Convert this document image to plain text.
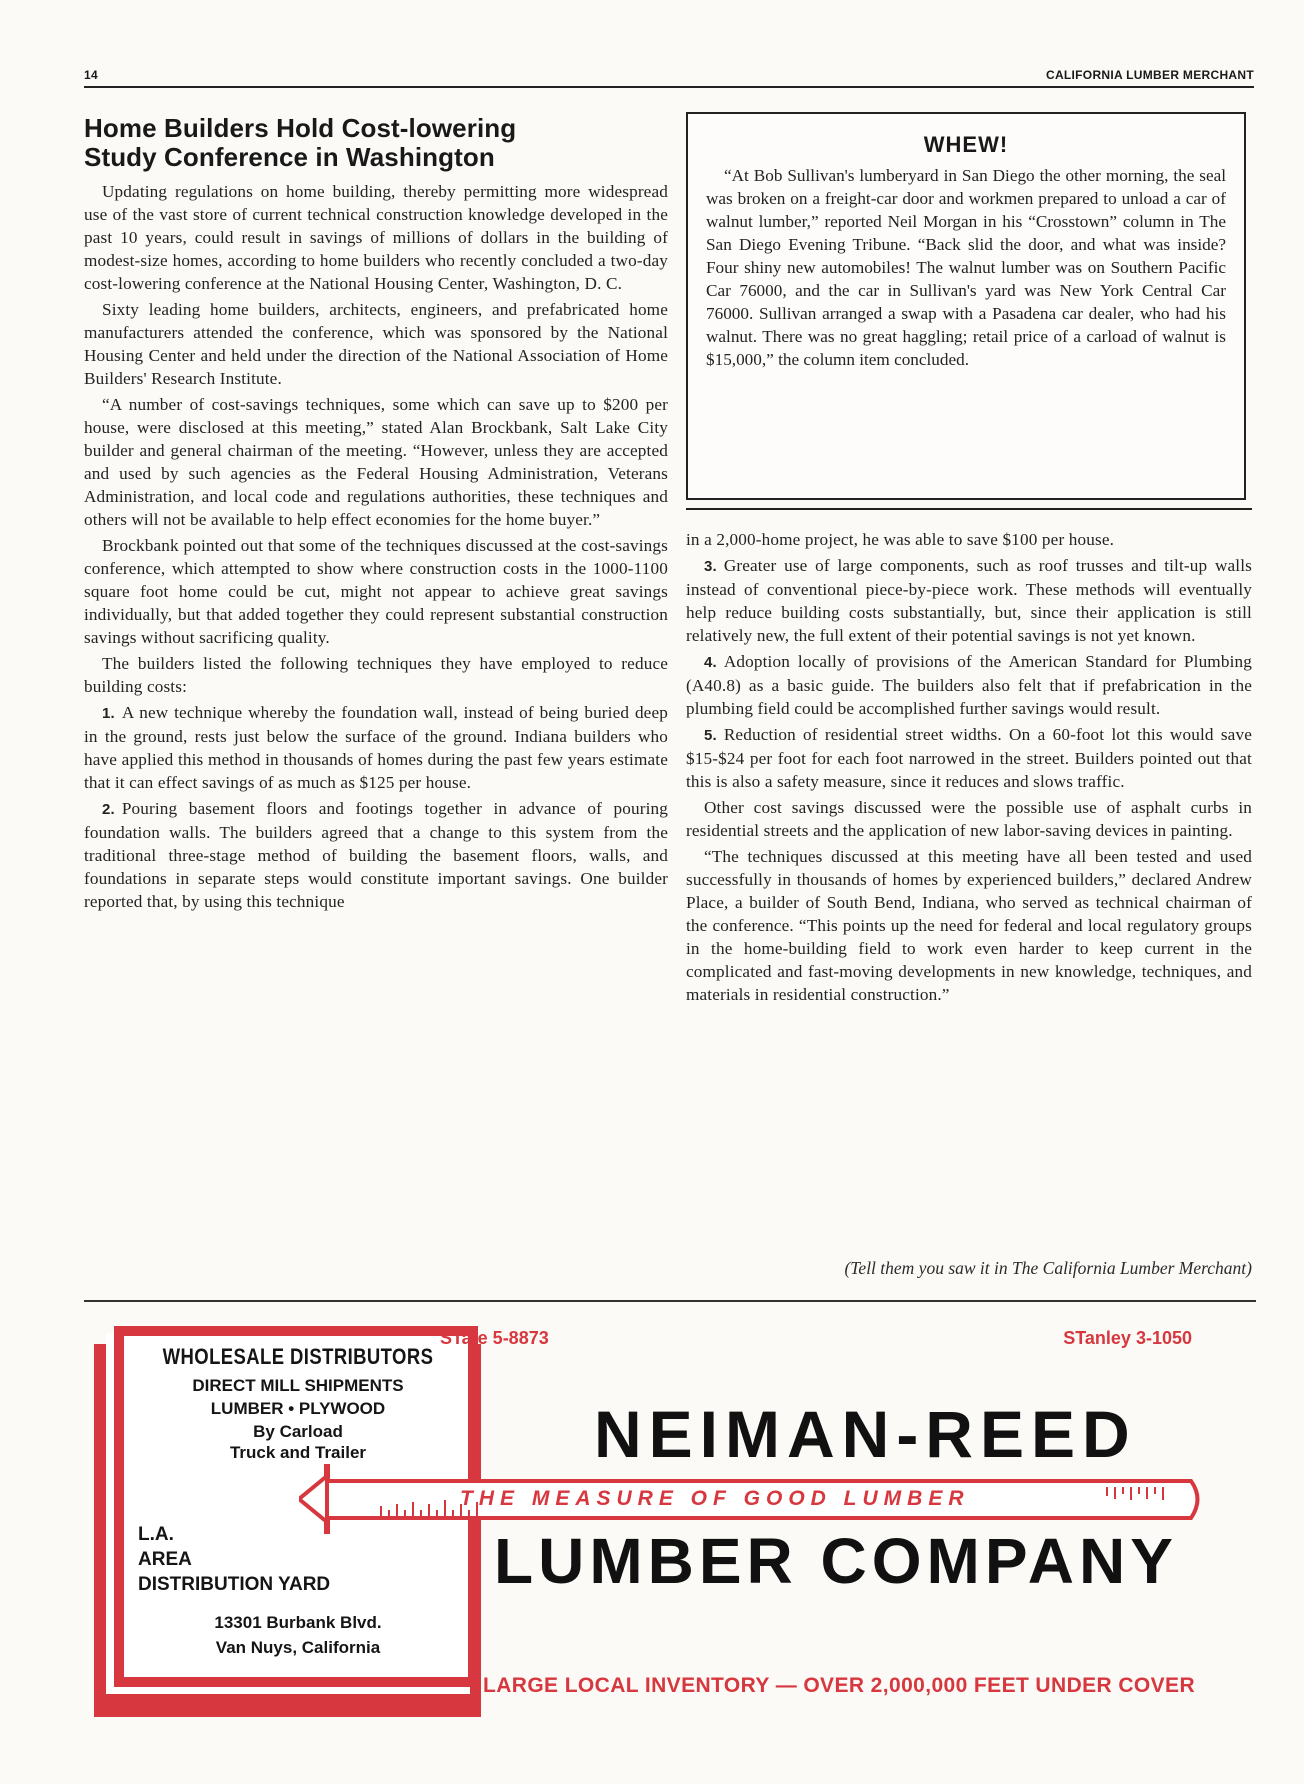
14	CALIFORNIA LUMBER MERCHANT
Home Builders Hold Cost-lowering
Study Conference in Washington

Updating regulations on home building, thereby permitting more widespread use of the vast store of current technical construction knowledge developed in the past 10 years, could result in savings of millions of dollars in the building of modest-size homes, according to home builders who recently concluded a two-day cost-lowering conference at the National Housing Center, Washington, D. C.

Sixty leading home builders, architects, engineers, and prefabricated home manufacturers attended the conference, which was sponsored by the National Housing Center and held under the direction of the National Association of Home Builders' Research Institute.

“A number of cost-savings techniques, some which can save up to $200 per house, were disclosed at this meeting,” stated Alan Brockbank, Salt Lake City builder and general chairman of the meeting. “However, unless they are accepted and used by such agencies as the Federal Housing Administration, Veterans Administration, and local code and regulations authorities, these techniques and others will not be available to help effect economies for the home buyer.”

Brockbank pointed out that some of the techniques discussed at the cost-savings conference, which attempted to show where construction costs in the 1000-1100 square foot home could be cut, might not appear to achieve great savings individually, but that added together they could represent substantial construction savings without sacrificing quality.

The builders listed the following techniques they have employed to reduce building costs:

1. A new technique whereby the foundation wall, instead of being buried deep in the ground, rests just below the surface of the ground. Indiana builders who have applied this method in thousands of homes during the past few years estimate that it can effect savings of as much as $125 per house.

2. Pouring basement floors and footings together in advance of pouring foundation walls. The builders agreed that a change to this system from the traditional three-stage method of building the basement floors, walls, and foundations in separate steps would constitute important savings. One builder reported that, by using this technique

WHEW!

“At Bob Sullivan's lumberyard in San Diego the other morning, the seal was broken on a freight-car door and workmen prepared to unload a car of walnut lumber,” reported Neil Morgan in his “Crosstown” column in The San Diego Evening Tribune. “Back slid the door, and what was inside? Four shiny new automobiles! The walnut lumber was on Southern Pacific Car 76000, and the car in Sullivan's yard was New York Central Car 76000. Sullivan arranged a swap with a Pasadena car dealer, who had his walnut. There was no great haggling; retail price of a carload of walnut is $15,000,” the column item concluded.

in a 2,000-home project, he was able to save $100 per house.

3. Greater use of large components, such as roof trusses and tilt-up walls instead of conventional piece-by-piece work. These methods will eventually help reduce building costs substantially, but, since their application is still relatively new, the full extent of their potential savings is not yet known.

4. Adoption locally of provisions of the American Standard for Plumbing (A40.8) as a basic guide. The builders also felt that if prefabrication in the plumbing field could be accomplished further savings would result.

5. Reduction of residential street widths. On a 60-foot lot this would save $15-$24 per foot for each foot narrowed in the street. Builders pointed out that this is also a safety measure, since it reduces and slows traffic.

Other cost savings discussed were the possible use of asphalt curbs in residential streets and the application of new labor-saving devices in painting.

“The techniques discussed at this meeting have all been tested and used successfully in thousands of homes by experienced builders,” declared Andrew Place, a builder of South Bend, Indiana, who served as technical chairman of the conference. “This points up the need for federal and local regulatory groups in the home-building field to work even harder to keep current in the complicated and fast-moving developments in new knowledge, techniques, and materials in residential construction.”

(Tell them you saw it in The California Lumber Merchant)
WHOLESALE DISTRIBUTORS
DIRECT MILL SHIPMENTS
LUMBER • PLYWOOD
By Carload
Truck and Trailer
L.A.
AREA
DISTRIBUTION YARD
13301 Burbank Blvd.
Van Nuys, California
STate 5-8873	STanley 3-1050
NEIMAN-REED
THE MEASURE OF GOOD LUMBER
LUMBER COMPANY
LARGE LOCAL INVENTORY — OVER 2,000,000 FEET UNDER COVER
